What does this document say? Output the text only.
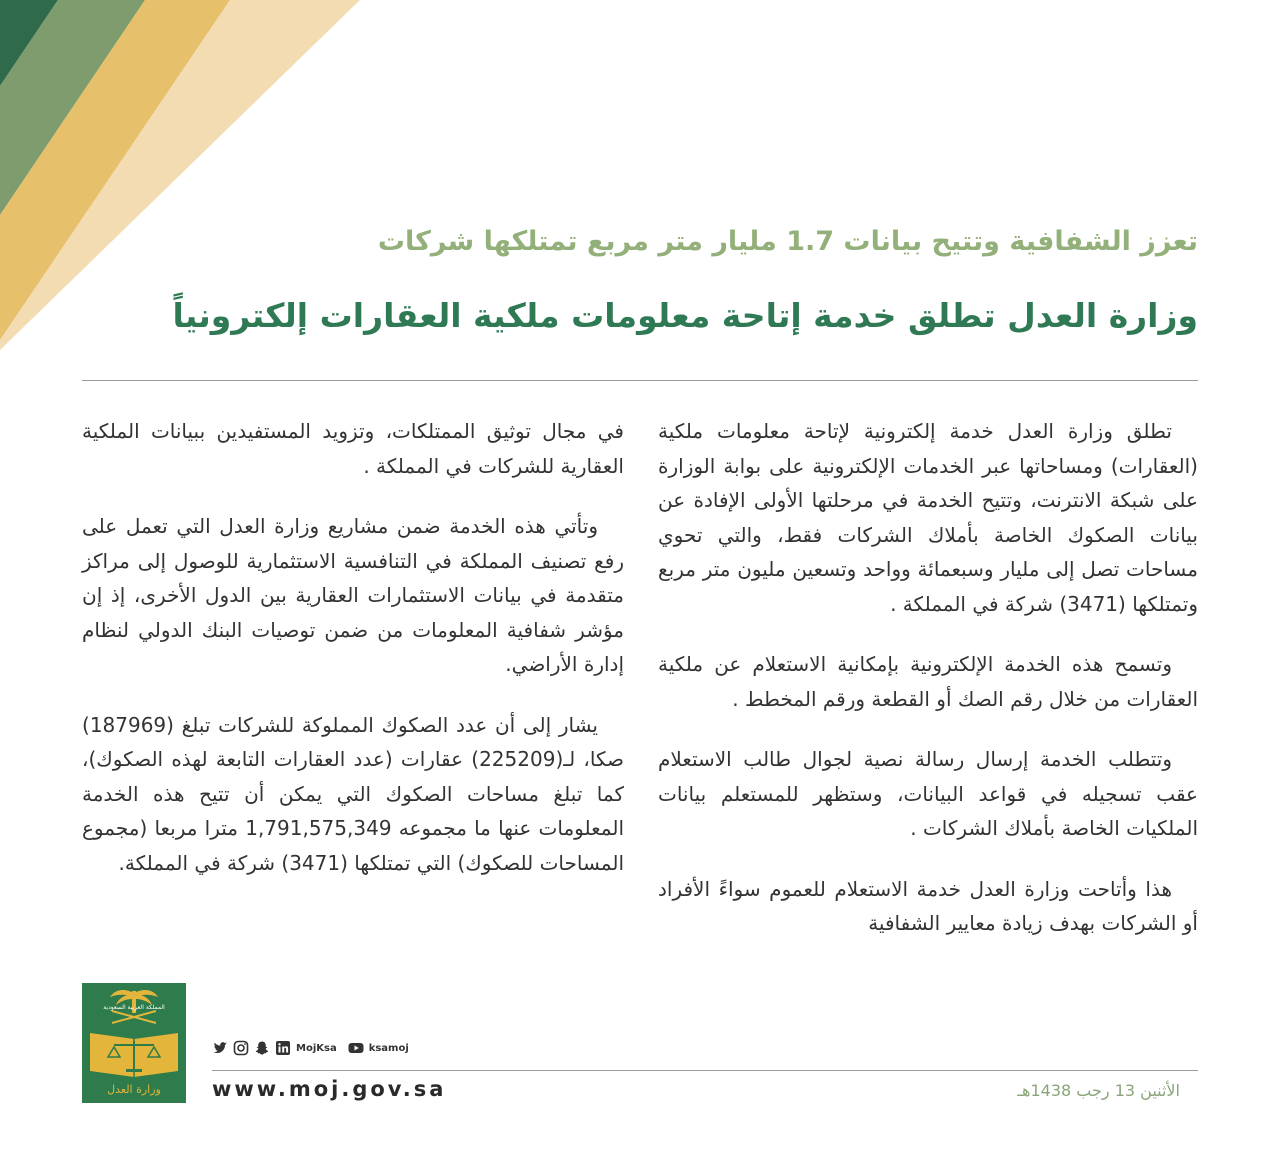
تعزز الشفافية وتتيح بيانات 1.7 مليار متر مربع تمتلكها شركات
وزارة العدل تطلق خدمة إتاحة معلومات ملكية العقارات إلكترونياً

تطلق وزارة العدل خدمة إلكترونية لإتاحة معلومات ملكية (العقارات) ومساحاتها عبر الخدمات الإلكترونية على بوابة الوزارة على شبكة الانترنت، وتتيح الخدمة في مرحلتها الأولى الإفادة عن بيانات الصكوك الخاصة بأملاك الشركات فقط، والتي تحوي مساحات تصل إلى مليار وسبعمائة وواحد وتسعين مليون متر مربع وتمتلكها (3471) شركة في المملكة .

وتسمح هذه الخدمة الإلكترونية بإمكانية الاستعلام عن ملكية العقارات من خلال رقم الصك أو القطعة ورقم المخطط .

وتتطلب الخدمة إرسال رسالة نصية لجوال طالب الاستعلام عقب تسجيله في قواعد البيانات، وستظهر للمستعلم بيانات الملكيات الخاصة بأملاك الشركات .

هذا وأتاحت وزارة العدل خدمة الاستعلام للعموم سواءً الأفراد أو الشركات بهدف زيادة معايير الشفافية

في مجال توثيق الممتلكات، وتزويد المستفيدين ببيانات الملكية العقارية للشركات في المملكة .

وتأتي هذه الخدمة ضمن مشاريع وزارة العدل التي تعمل على رفع تصنيف المملكة في التنافسية الاستثمارية للوصول إلى مراكز متقدمة في بيانات الاستثمارات العقارية بين الدول الأخرى، إذ إن مؤشر شفافية المعلومات من ضمن توصيات البنك الدولي لنظام إدارة الأراضي.

يشار إلى أن عدد الصكوك المملوكة للشركات تبلغ (187969) صكا، لـ(225209) عقارات (عدد العقارات التابعة لهذه الصكوك)، كما تبلغ مساحات الصكوك التي يمكن أن تتيح هذه الخدمة المعلومات عنها ما مجموعه 1,791,575,349 مترا مربعا (مجموع المساحات للصكوك) التي تمتلكها (3471) شركة في المملكة.

المملكة العربية السعودية
وزارة العدل
MojKsa	ksamoj
www.moj.gov.sa	الأثنين 13 رجب 1438هـ
